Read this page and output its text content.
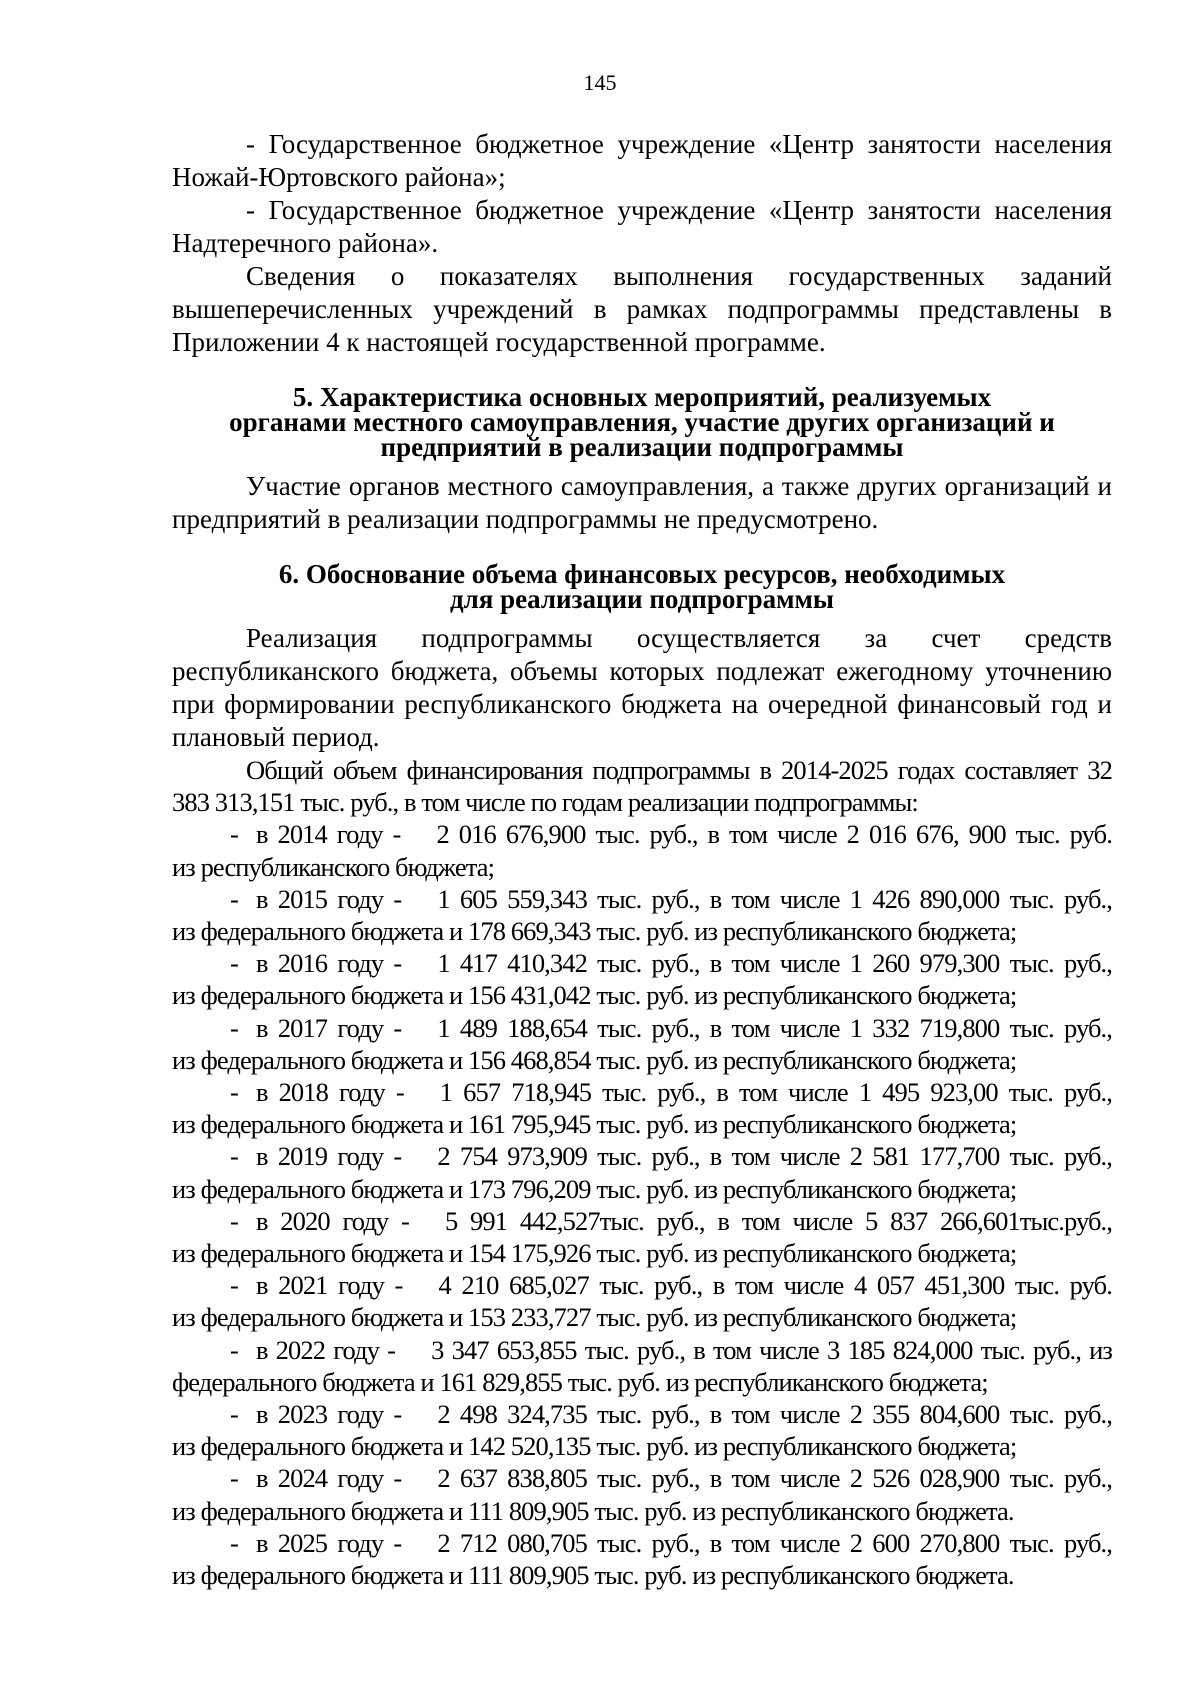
145

- Государственное бюджетное учреждение «Центр занятости населения Ножай-Юртовского района»;

- Государственное бюджетное учреждение «Центр занятости населения Надтеречного района».

Сведения о показателях выполнения государственных заданий вышеперечисленных учреждений в рамках подпрограммы представлены в Приложении 4 к настоящей государственной программе.

5. Характеристика основных мероприятий, реализуемых
органами местного самоуправления, участие других организаций и
предприятий в реализации подпрограммы

Участие органов местного самоуправления, а также других организаций и предприятий в реализации подпрограммы не предусмотрено.

6. Обоснование объема финансовых ресурсов, необходимых
для реализации подпрограммы

Реализация подпрограммы осуществляется за счет средств республиканского бюджета, объемы которых подлежат ежегодному уточнению при формировании республиканского бюджета на очередной финансовый год и плановый период.

Общий объем финансирования подпрограммы в 2014-2025 годах составляет 32 383 313,151 тыс. руб., в том числе по годам реализации подпрограммы:

- в 2014 году - 2 016 676,900 тыс. руб., в том числе 2 016 676, 900 тыс. руб.
из республиканского бюджета;

- в 2015 году - 1 605 559,343 тыс. руб., в том числе 1 426 890,000 тыс. руб.,
из федерального бюджета и 178 669,343 тыс. руб. из республиканского бюджета;

- в 2016 году - 1 417 410,342 тыс. руб., в том числе 1 260 979,300 тыс. руб.,
из федерального бюджета и 156 431,042 тыс. руб. из республиканского бюджета;

- в 2017 году - 1 489 188,654 тыс. руб., в том числе 1 332 719,800 тыс. руб.,
из федерального бюджета и 156 468,854 тыс. руб. из республиканского бюджета;

- в 2018 году - 1 657 718,945 тыс. руб., в том числе 1 495 923,00 тыс. руб.,
из федерального бюджета и 161 795,945 тыс. руб. из республиканского бюджета;

- в 2019 году - 2 754 973,909 тыс. руб., в том числе 2 581 177,700 тыс. руб.,
из федерального бюджета и 173 796,209 тыс. руб. из республиканского бюджета;

- в 2020 году - 5 991 442,527тыс. руб., в том числе 5 837 266,601тыс.руб.,
из федерального бюджета и 154 175,926 тыс. руб. из республиканского бюджета;

- в 2021 году - 4 210 685,027 тыс. руб., в том числе 4 057 451,300 тыс. руб.
из федерального бюджета и 153 233,727 тыс. руб. из республиканского бюджета;

- в 2022 году - 3 347 653,855 тыс. руб., в том числе 3 185 824,000 тыс. руб., из
федерального бюджета и 161 829,855 тыс. руб. из республиканского бюджета;

- в 2023 году - 2 498 324,735 тыс. руб., в том числе 2 355 804,600 тыс. руб.,
из федерального бюджета и 142 520,135 тыс. руб. из республиканского бюджета;

- в 2024 году - 2 637 838,805 тыс. руб., в том числе 2 526 028,900 тыс. руб.,
из федерального бюджета и 111 809,905 тыс. руб. из республиканского бюджета.

- в 2025 году - 2 712 080,705 тыс. руб., в том числе 2 600 270,800 тыс. руб.,
из федерального бюджета и 111 809,905 тыс. руб. из республиканского бюджета.
